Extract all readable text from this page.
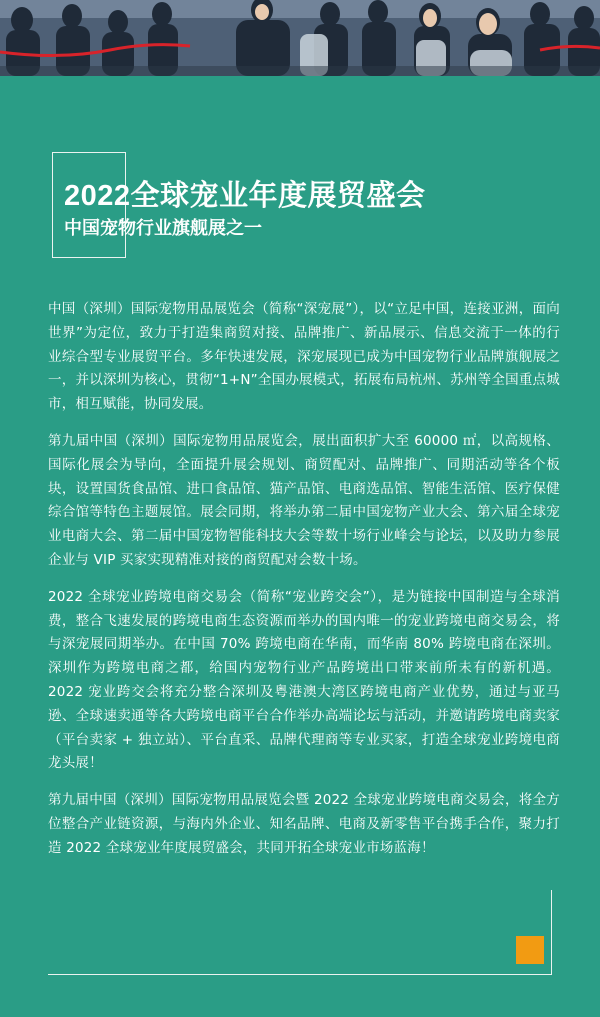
2022全球宠业年度展贸盛会
中国宠物行业旗舰展之一

中国（深圳）国际宠物用品展览会（简称“深宠展”），以“立足中国，连接亚洲，面向世界”为定位，致力于打造集商贸对接、品牌推广、新品展示、信息交流于一体的行业综合型专业展贸平台。多年快速发展，深宠展现已成为中国宠物行业品牌旗舰展之一，并以深圳为核心，贯彻“1+N”全国办展模式，拓展布局杭州、苏州等全国重点城市，相互赋能，协同发展。

第九届中国（深圳）国际宠物用品展览会，展出面积扩大至 60000 ㎡，以高规格、国际化展会为导向，全面提升展会规划、商贸配对、品牌推广、同期活动等各个板块，设置国货食品馆、进口食品馆、猫产品馆、电商选品馆、智能生活馆、医疗保健综合馆等特色主题展馆。展会同期，将举办第二届中国宠物产业大会、第六届全球宠业电商大会、第二届中国宠物智能科技大会等数十场行业峰会与论坛，以及助力参展企业与 VIP 买家实现精准对接的商贸配对会数十场。

2022 全球宠业跨境电商交易会（简称“宠业跨交会”），是为链接中国制造与全球消费，整合飞速发展的跨境电商生态资源而举办的国内唯一的宠业跨境电商交易会，将与深宠展同期举办。在中国 70% 跨境电商在华南，而华南 80% 跨境电商在深圳。深圳作为跨境电商之都，给国内宠物行业产品跨境出口带来前所未有的新机遇。2022 宠业跨交会将充分整合深圳及粤港澳大湾区跨境电商产业优势，通过与亚马逊、全球速卖通等各大跨境电商平台合作举办高端论坛与活动，并邀请跨境电商卖家（平台卖家 + 独立站）、平台直采、品牌代理商等专业买家，打造全球宠业跨境电商龙头展！

第九届中国（深圳）国际宠物用品展览会暨 2022 全球宠业跨境电商交易会，将全方位整合产业链资源，与海内外企业、知名品牌、电商及新零售平台携手合作，聚力打造 2022 全球宠业年度展贸盛会，共同开拓全球宠业市场蓝海！
